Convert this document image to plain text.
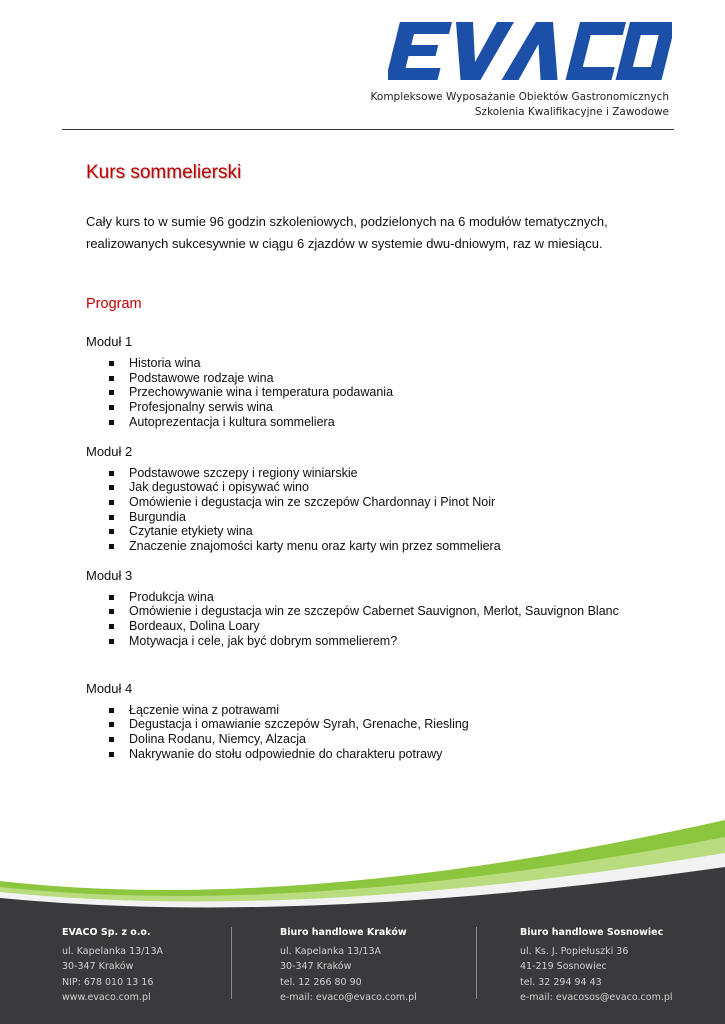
Kompleksowe Wyposażanie Obiektów Gastronomicznych
Szkolenia Kwalifikacyjne i Zawodowe
Kurs sommelierski

Cały kurs to w sumie 96 godzin szkoleniowych, podzielonych na 6 modułów tematycznych,
realizowanych sukcesywnie w ciągu 6 zjazdów w systemie dwu-dniowym, raz w miesiącu.

Program

Moduł 1

Historia wina
Podstawowe rodzaje wina
Przechowywanie wina i temperatura podawania
Profesjonalny serwis wina
Autoprezentacja i kultura sommeliera

Moduł 2

Podstawowe szczepy i regiony winiarskie
Jak degustować i opisywać wino
Omówienie i degustacja win ze szczepów Chardonnay i Pinot Noir
Burgundia
Czytanie etykiety wina
Znaczenie znajomości karty menu oraz karty win przez sommeliera

Moduł 3

Produkcja wina
Omówienie i degustacja win ze szczepów Cabernet Sauvignon, Merlot, Sauvignon Blanc
Bordeaux, Dolina Loary
Motywacja i cele, jak być dobrym sommelierem?

Moduł 4

Łączenie wina z potrawami
Degustacja i omawianie szczepów Syrah, Grenache, Riesling
Dolina Rodanu, Niemcy, Alzacja
Nakrywanie do stołu odpowiednie do charakteru potrawy
EVACO Sp. z o.o.
ul. Kapelanka 13/13A
30-347 Kraków
NIP: 678 010 13 16
www.evaco.com.pl
Biuro handlowe Kraków
ul. Kapelanka 13/13A
30-347 Kraków
tel. 12 266 80 90
e-mail: evaco@evaco.com.pl
Biuro handlowe Sosnowiec
ul. Ks. J. Popiełuszki 36
41-219 Sosnowiec
tel. 32 294 94 43
e-mail: evacosos@evaco.com.pl
